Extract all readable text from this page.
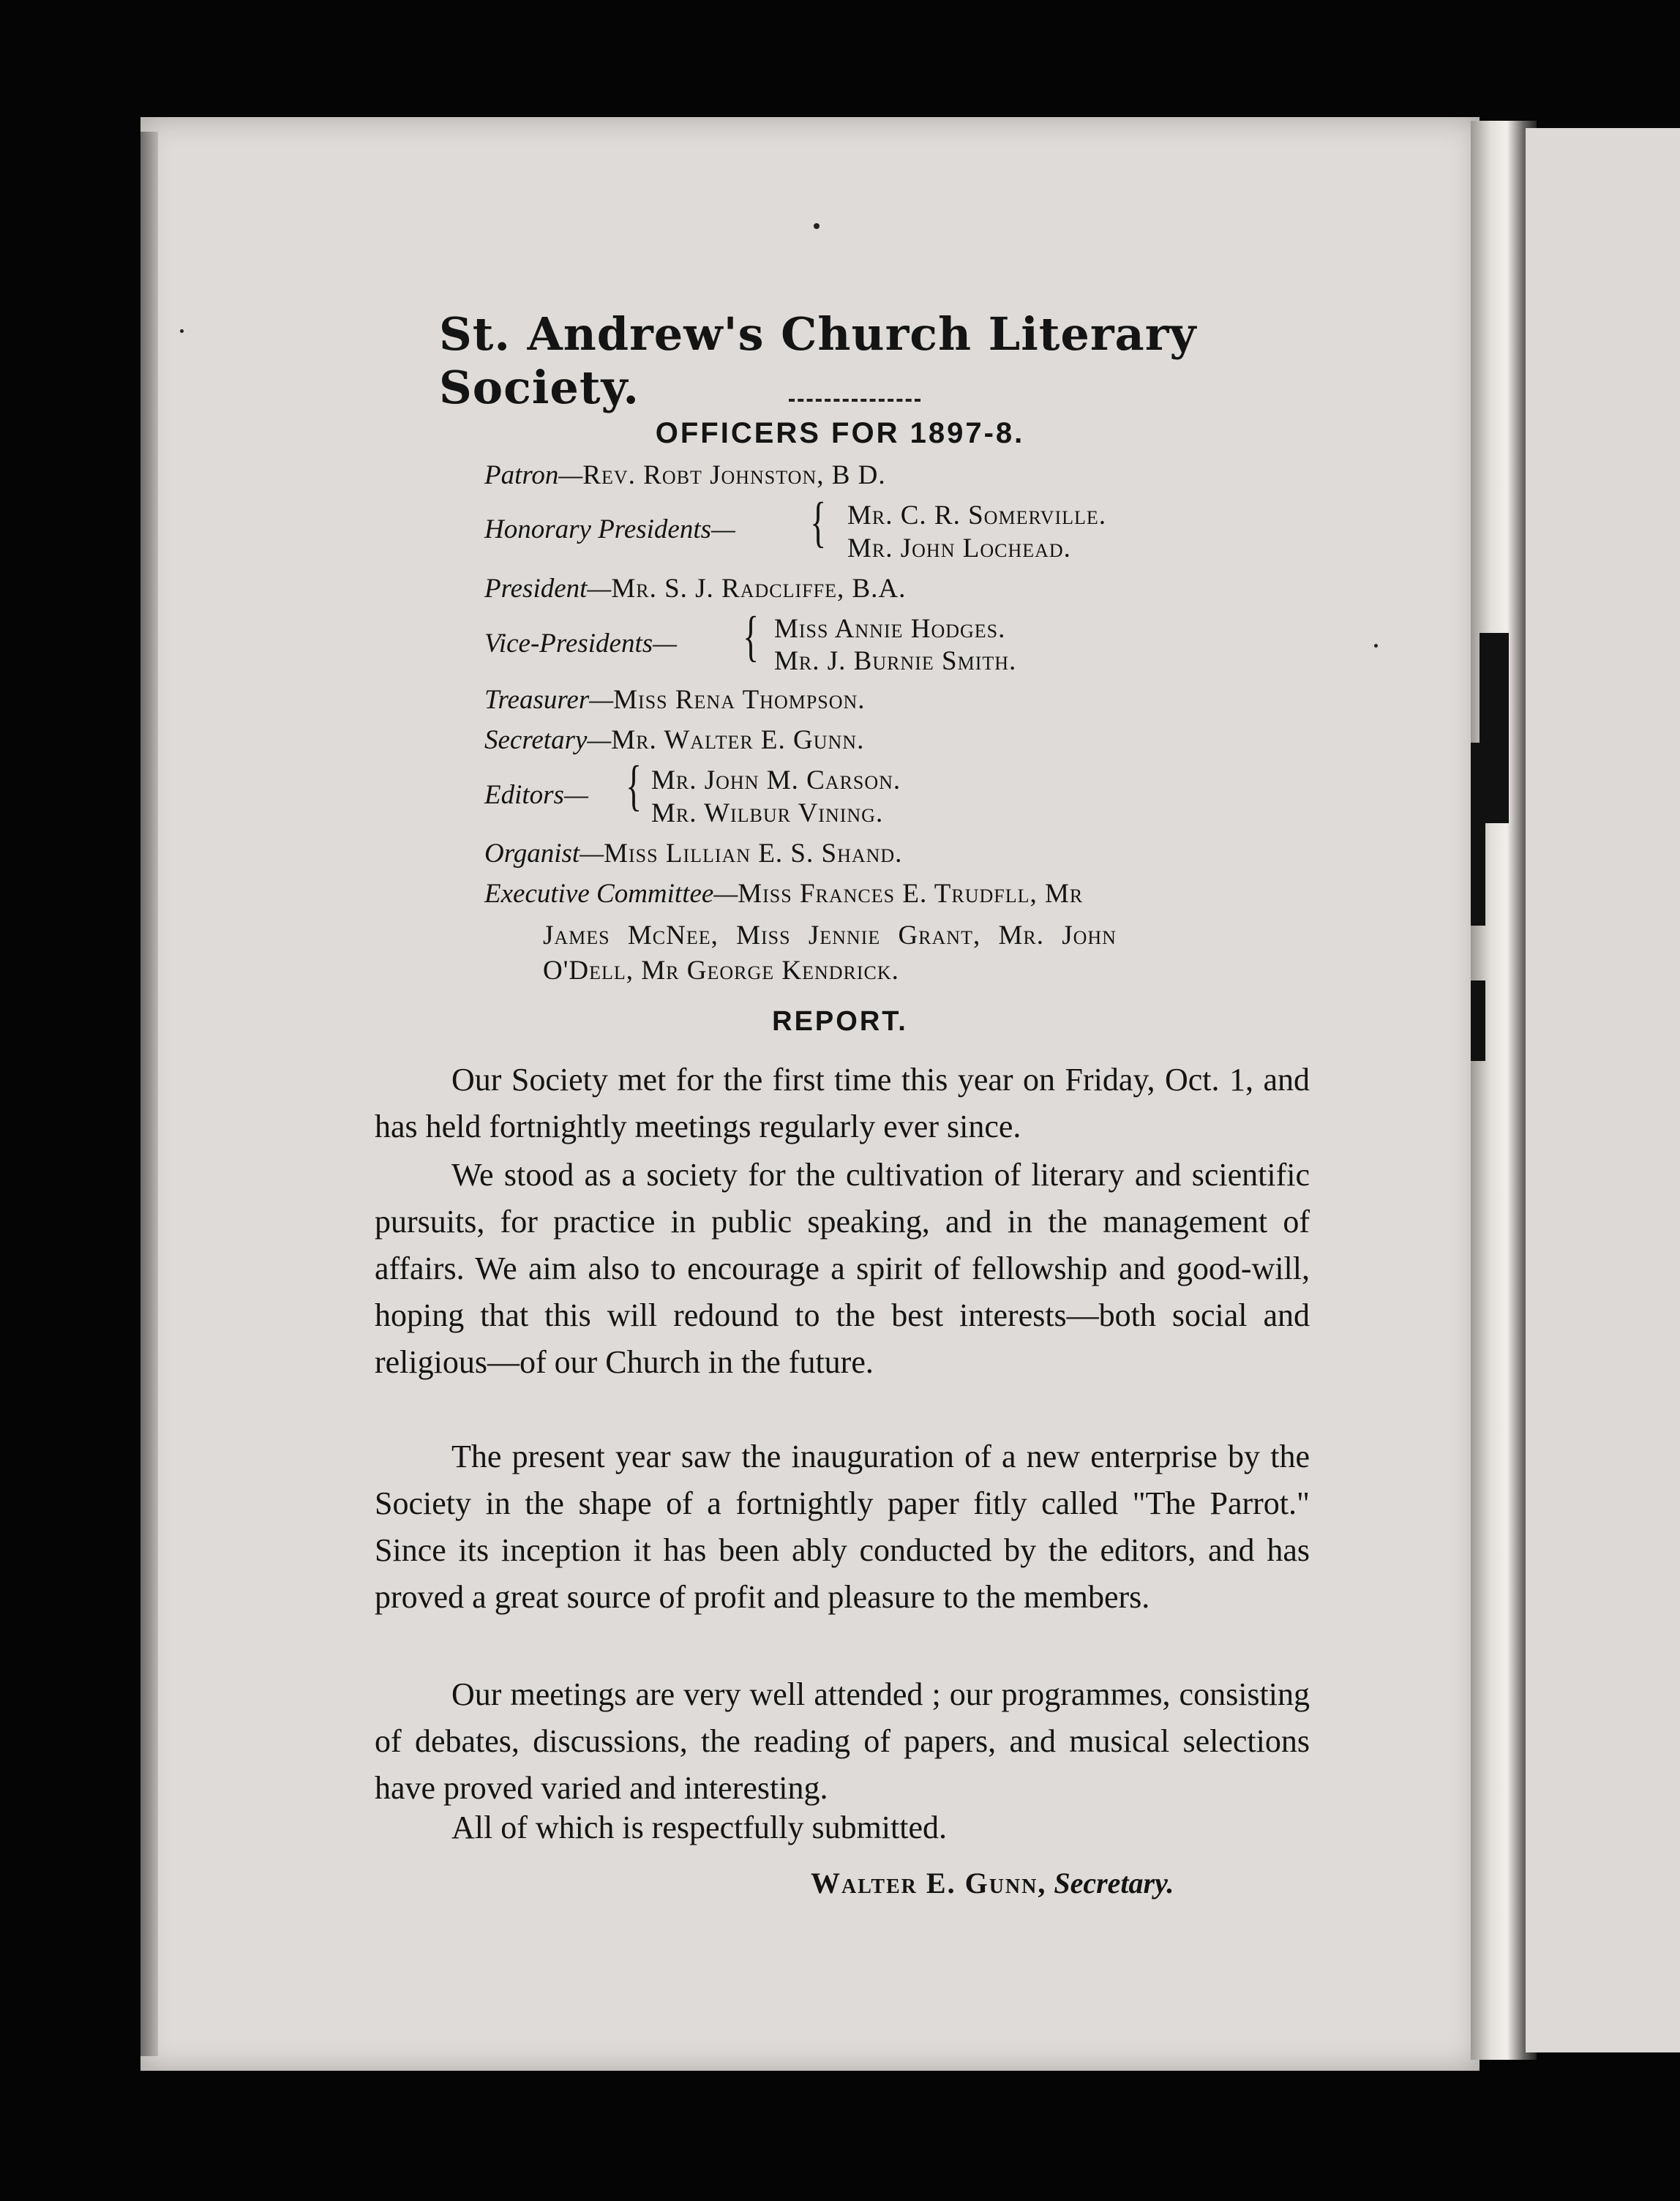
St. Andrew's Church Literary Society.
OFFICERS FOR 1897-8.
Patron—Rev. Robt Johnston, B D.
Honorary Presidents— { Mr. C. R. Somerville.
Mr. John Lochead.
President—Mr. S. J. Radcliffe, B.A.
Vice-Presidents— { Miss Annie Hodges.
Mr. J. Burnie Smith.
Treasurer—Miss Rena Thompson.
Secretary—Mr. Walter E. Gunn.
Editors— { Mr. John M. Carson.
Mr. Wilbur Vining.
Organist—Miss Lillian E. S. Shand.
Executive Committee—Miss Frances E. Trudfll, Mr
James McNee, Miss Jennie Grant, Mr. John
O'Dell, Mr George Kendrick.
REPORT.

Our Society met for the first time this year on Friday, Oct. 1, and has held fortnightly meetings regularly ever since.

We stood as a society for the cultivation of literary and scientific pursuits, for practice in public speaking, and in the management of affairs. We aim also to encourage a spirit of fellowship and good-will, hoping that this will redound to the best interests—both social and religious—of our Church in the future.

The present year saw the inauguration of a new enterprise by the Society in the shape of a fortnightly paper fitly called "The Parrot." Since its inception it has been ably conducted by the editors, and has proved a great source of profit and pleasure to the members.

Our meetings are very well attended ; our programmes, consisting of debates, discussions, the reading of papers, and musical selections have proved varied and interesting.

All of which is respectfully submitted.
Walter E. Gunn, Secretary.
